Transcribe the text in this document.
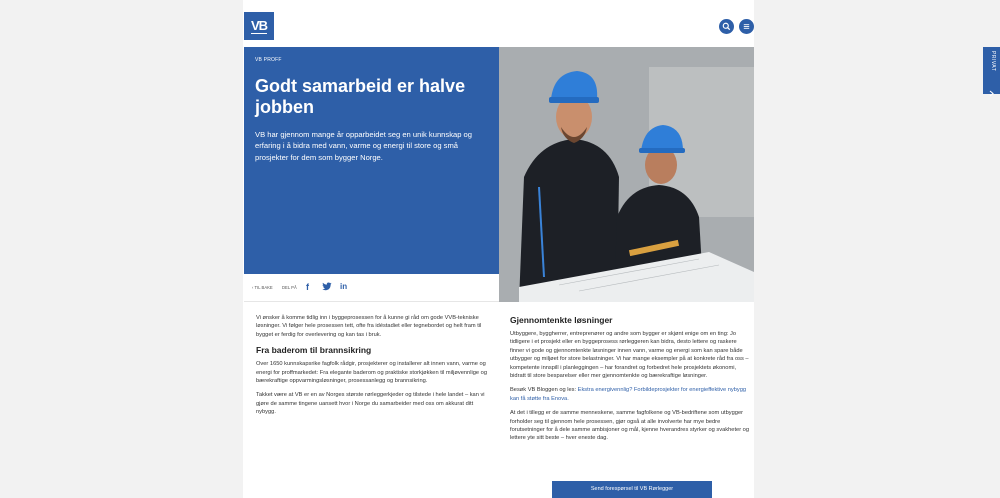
VB
VB PROFF
Godt samarbeid er halve jobben

VB har gjennom mange år opparbeidet seg en unik kunnskap og erfaring i å bidra med vann, varme og energi til store og små prosjekter for dem som bygger Norge.

‹ TIL BAKE DEL PÅ f	in

Vi ønsker å komme tidlig inn i byggeprosessen for å kunne gi råd om gode VVB-tekniske løsninger. Vi følger hele prosessen tett, ofte fra idéstadiet eller tegnebordet og helt fram til bygget er ferdig for overlevering og kan tas i bruk.

Fra baderom til brannsikring

Over 1650 kunnskapsrike fagfolk rådgir, prosjekterer og installerer alt innen vann, varme og energi for proffmarkedet: Fra elegante baderom og praktiske storkjøkken til miljøvennlige og bærekraftige oppvarmingsløsninger, prosessanlegg og brannsikring.

Takket være at VB er en av Norges største rørleggerkjeder og tilstede i hele landet – kan vi gjøre de samme tingene uansett hvor i Norge du samarbeider med oss om akkurat ditt nybygg.

Gjennomtenkte løsninger

Utbyggere, byggherrer, entreprenører og andre som bygger er skjønt enige om en ting: Jo tidligere i et prosjekt eller en byggeprosess rørleggeren kan bidra, desto lettere og raskere finner vi gode og gjennomtenkte løsninger innen vann, varme og energi som kan spare både utbygger og miljøet for store belastninger. Vi har mange eksempler på at konkrete råd fra oss – kompetente innspill i planleggingen – har forandret og forbedret hele prosjektets økonomi, bidratt til store besparelser eller mer gjennomtenkte og bærekraftige løsninger.

Besøk VB Bloggen og les: Ekstra energivennlig? Forbildeprosjekter for energieffektive nybygg kan få støtte fra Enova.

At det i tillegg er de samme menneskene, samme fagfolkene og VB-bedriftene som utbygger forholder seg til gjennom hele prosessen, gjør også at alle involverte har mye bedre forutsetninger for å dele samme ambisjoner og mål, kjenne hverandres styrker og svakheter og lettere yte sitt beste – hver eneste dag.

Send forespørsel til VB Rørlegger
PRIVAT
